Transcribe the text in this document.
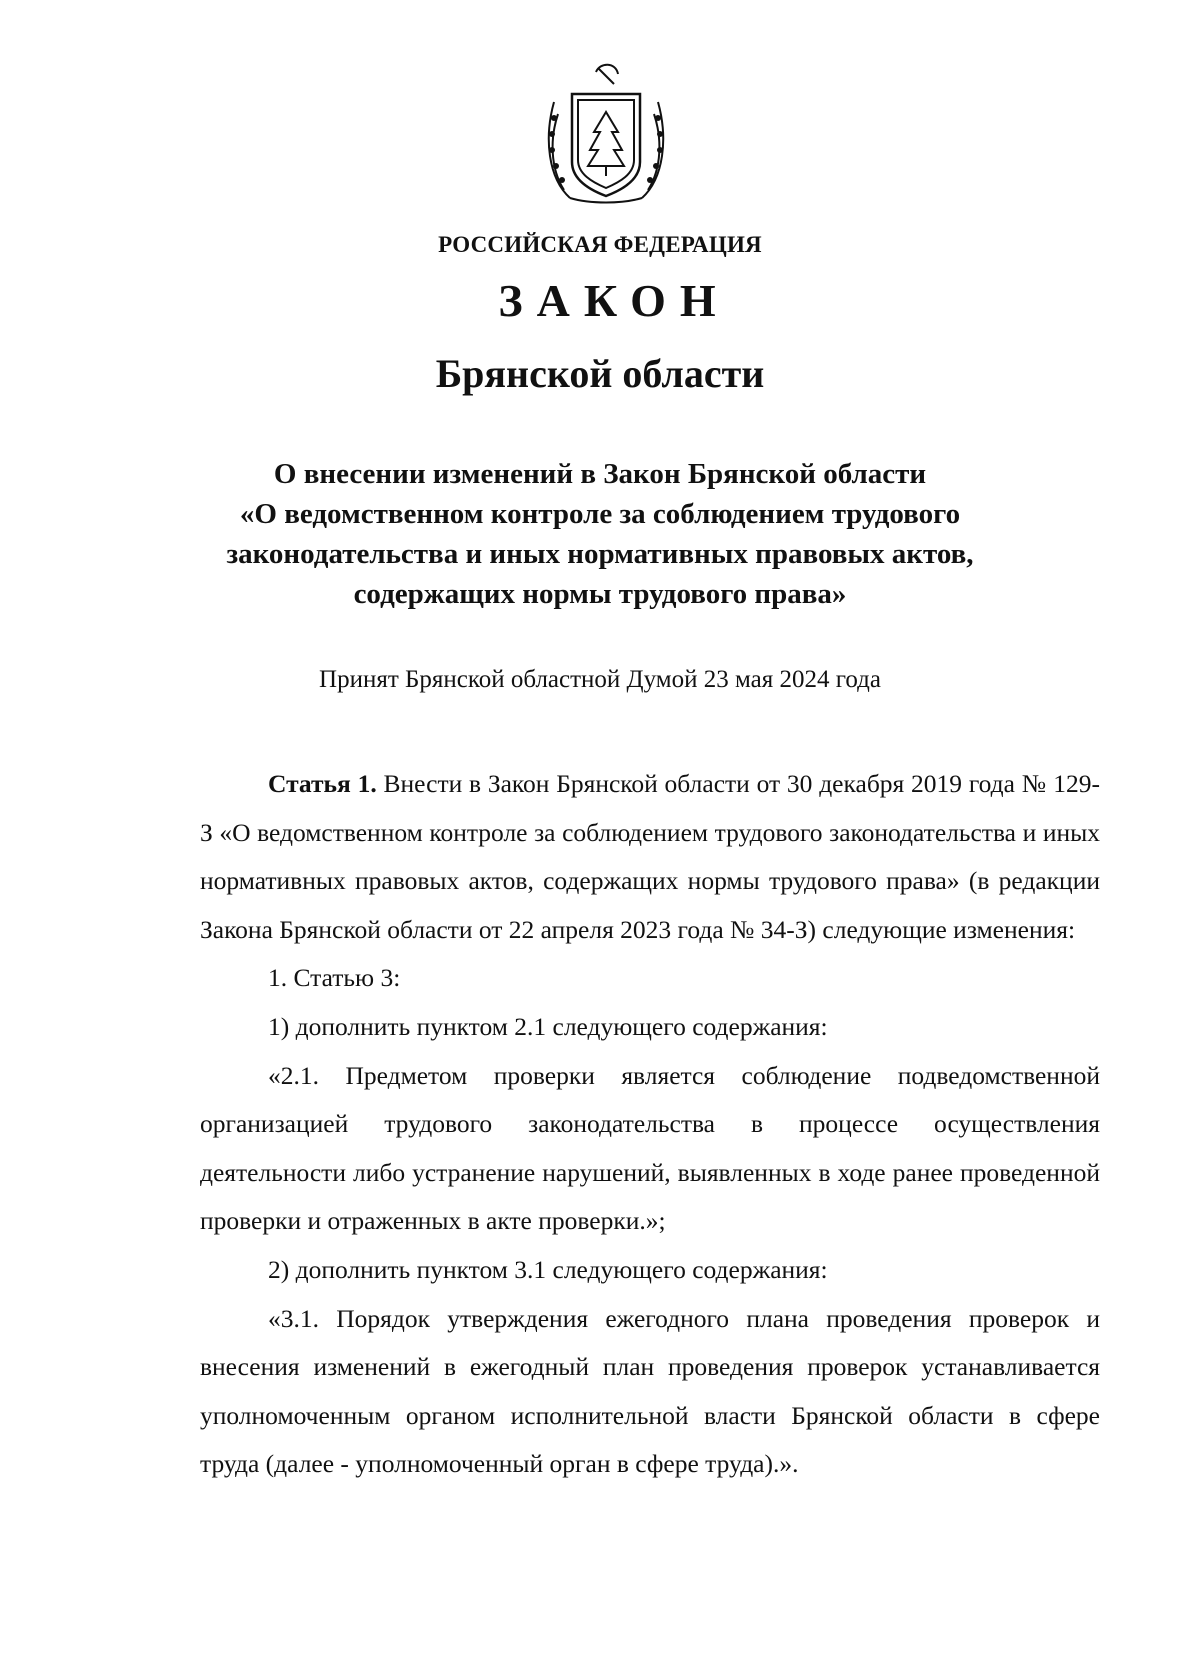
РОССИЙСКАЯ ФЕДЕРАЦИЯ
ЗАКОН
Брянской области
О внесении изменений в Закон Брянской области
«О ведомственном контроле за соблюдением трудового
законодательства и иных нормативных правовых актов,
содержащих нормы трудового права»
Принят Брянской областной Думой 23 мая 2024 года

Статья 1. Внести в Закон Брянской области от 30 декабря 2019 года № 129-З «О ведомственном контроле за соблюдением трудового законодательства и иных нормативных правовых актов, содержащих нормы трудового права» (в редакции Закона Брянской области от 22 апреля 2023 года № 34-З) следующие изменения:

1. Статью 3:

1) дополнить пунктом 2.1 следующего содержания:

«2.1. Предметом проверки является соблюдение подведомственной организацией трудового законодательства в процессе осуществления деятельности либо устранение нарушений, выявленных в ходе ранее проведенной проверки и отраженных в акте проверки.»;

2) дополнить пунктом 3.1 следующего содержания:

«3.1. Порядок утверждения ежегодного плана проведения проверок и внесения изменений в ежегодный план проведения проверок устанавливается уполномоченным органом исполнительной власти Брянской области в сфере труда (далее - уполномоченный орган в сфере труда).».
